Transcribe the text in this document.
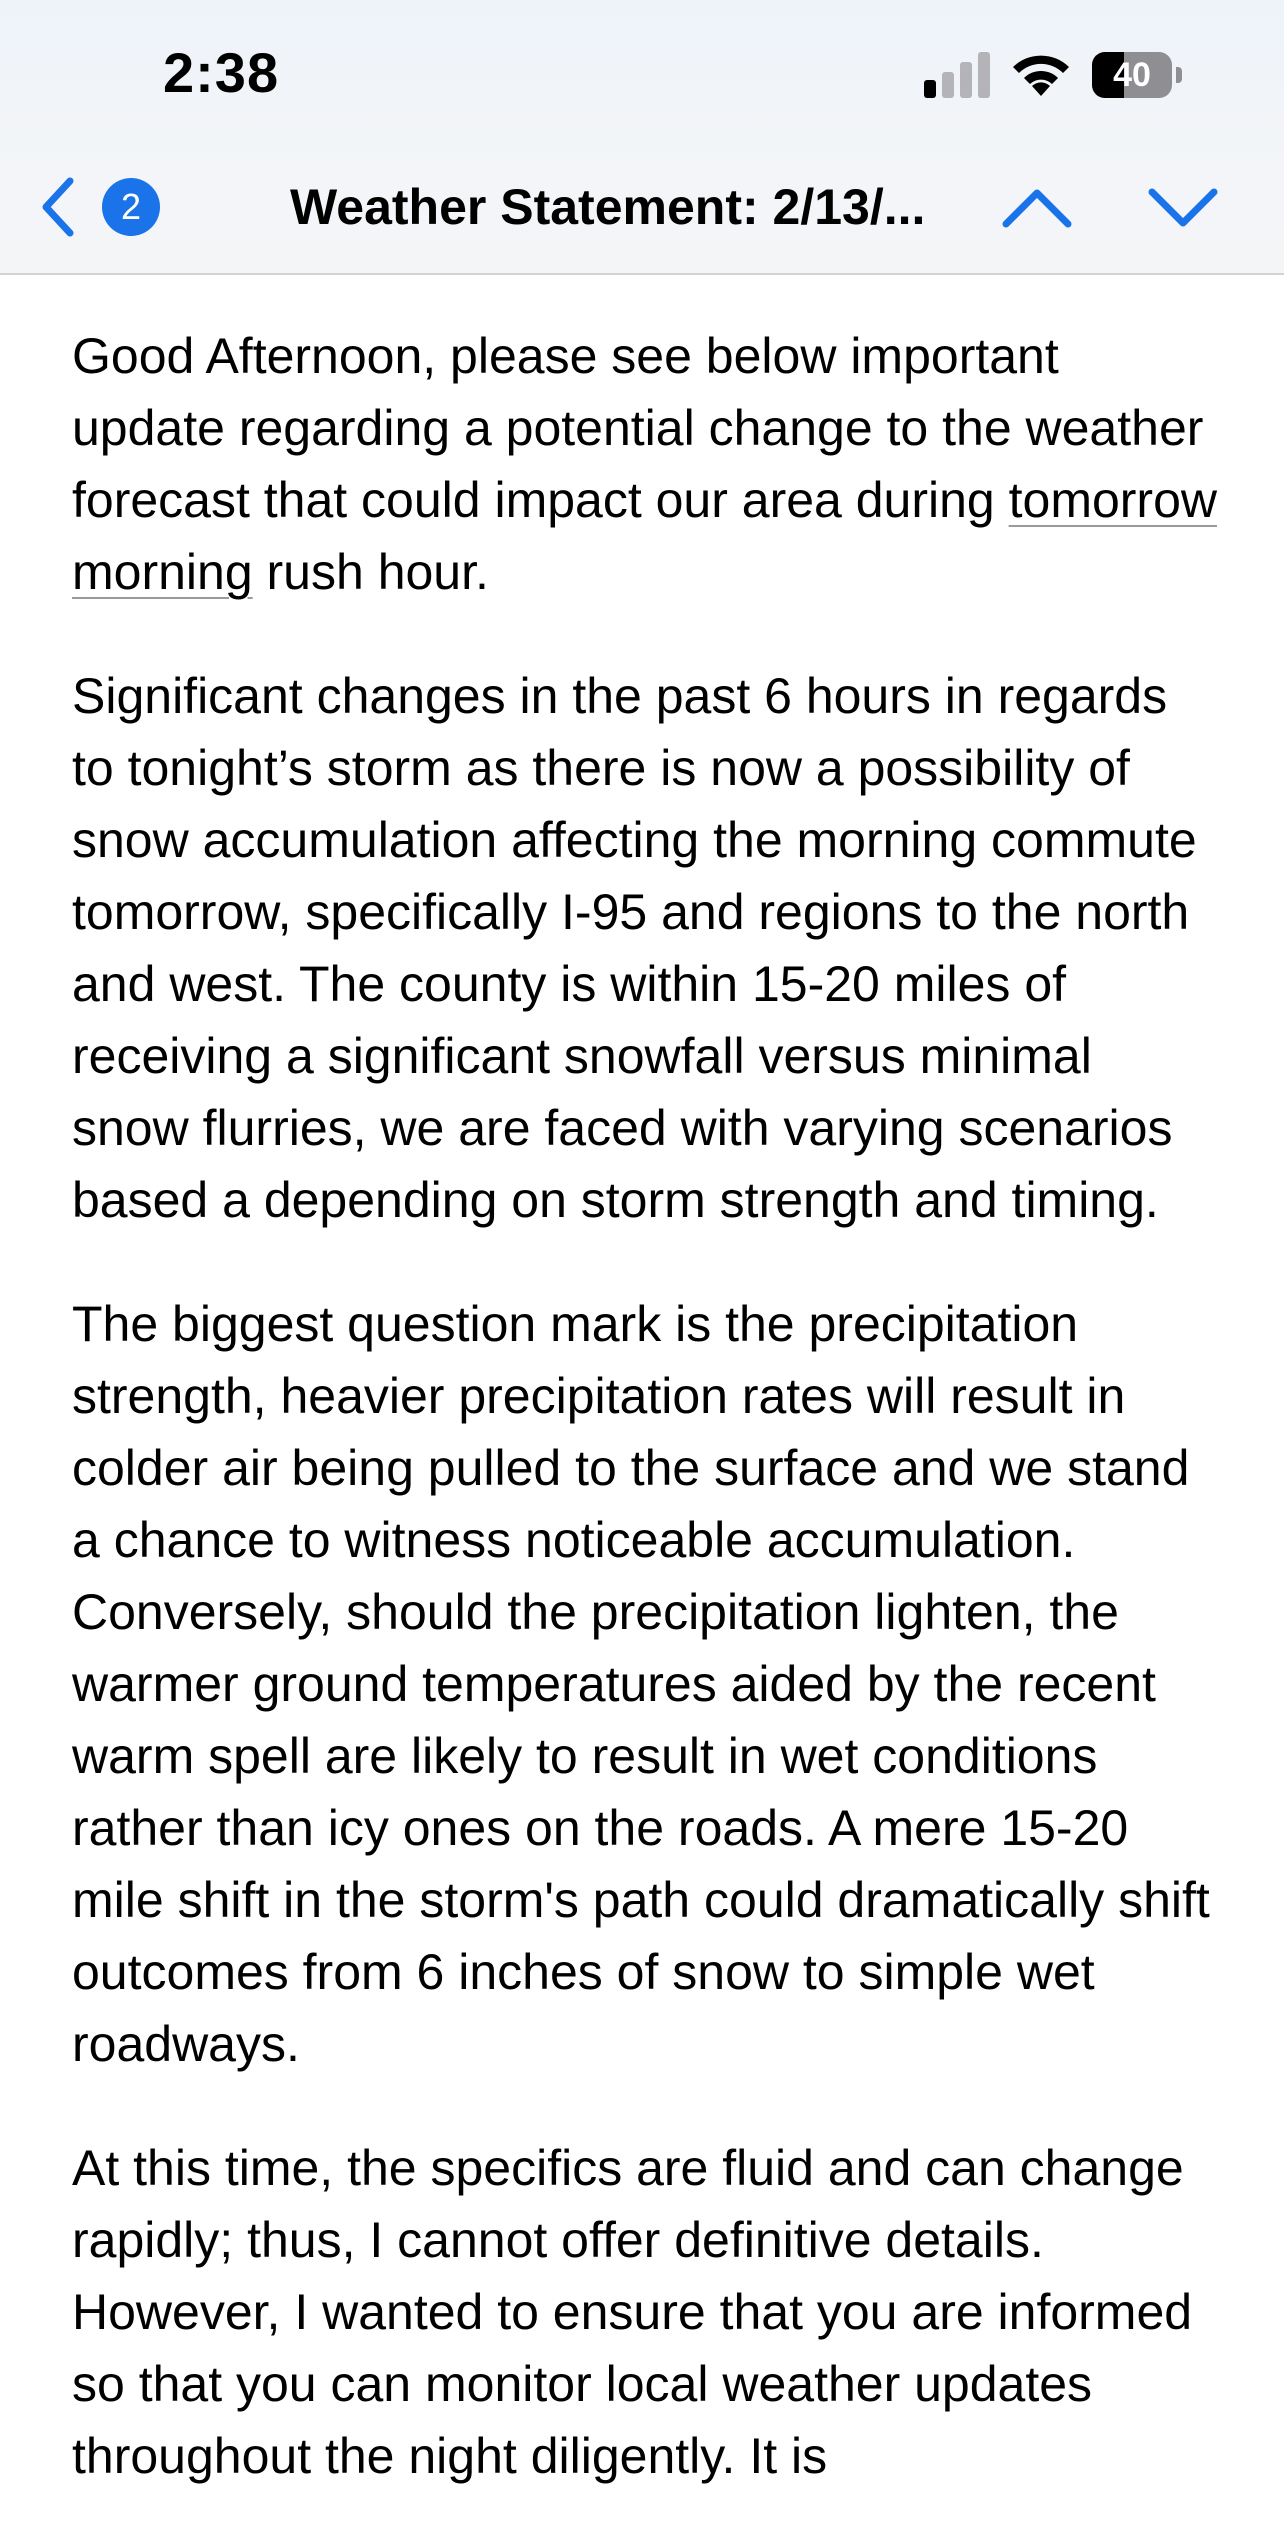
2:38	40
2	Weather Statement: 2/13/...

Good Afternoon, please see below important update regarding a potential change to the weather forecast that could impact our area during tomorrow morning rush hour.

Significant changes in the past 6 hours in regards to tonight’s storm as there is now a possibility of snow accumulation affecting the morning commute tomorrow, specifically I-95 and regions to the north and west. The county is within 15-20 miles of receiving a significant snowfall versus minimal snow flurries, we are faced with varying scenarios based a depending on storm strength and timing.

The biggest question mark is the precipitation strength, heavier precipitation rates will result in colder air being pulled to the surface and we stand a chance to witness noticeable accumulation. Conversely, should the precipitation lighten, the warmer ground temperatures aided by the recent warm spell are likely to result in wet conditions rather than icy ones on the roads. A mere 15-20 mile shift in the storm's path could dramatically shift outcomes from 6 inches of snow to simple wet roadways.

At this time, the specifics are fluid and can change rapidly; thus, I cannot offer definitive details. However, I wanted to ensure that you are informed so that you can monitor local weather updates throughout the night diligently. It is
